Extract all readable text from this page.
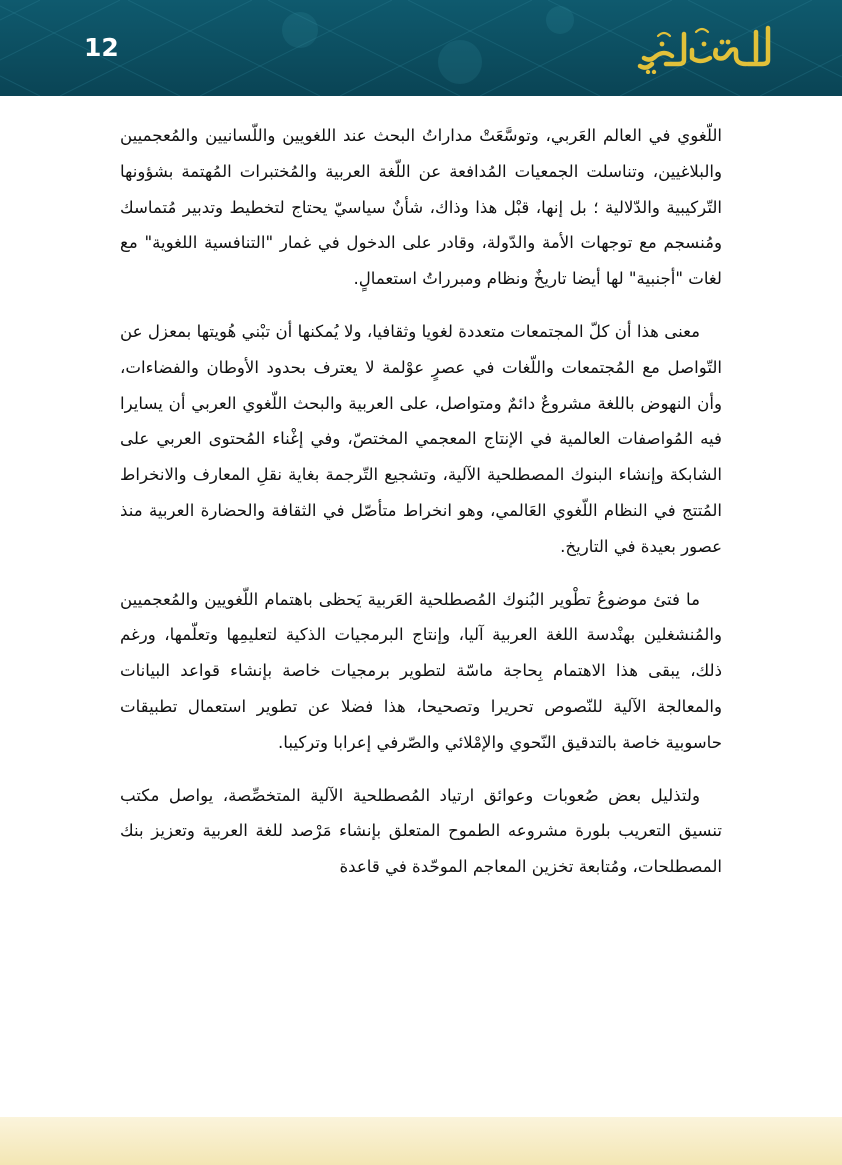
12

اللّغوي في العالم العَربي، وتوسَّعَتْ مداراتُ البحث عند اللغويين واللّسانيين والمُعجميين والبلاغيين، وتناسلت الجمعيات المُدافعة عن اللّغة العربية والمُختبرات المُهتمة بشؤونها التّركيبية والدّلالية ؛ بل إنها، قبْل هذا وذاك، شأنٌ سياسيّ يحتاج لتخطيط وتدبير مُتماسك ومُنسجم مع توجهات الأمة والدّولة، وقادر على الدخول في غمار "التنافسية اللغوية" مع لغات "أجنبية" لها أيضا تاريخٌ ونظام ومبرراتُ استعمالٍ.

معنى هذا أن كلّ المجتمعات متعددة لغويا وثقافيا، ولا يُمكنها أن تبْني هُويتها بمعزل عن التّواصل مع المُجتمعات واللّغات في عصرٍ عوْلمة لا يعترف بحدود الأوطان والفضاءات، وأن النهوض باللغة مشروعٌ دائمٌ ومتواصل، على العربية والبحث اللّغوي العربي أن يسايرا فيه المُواصفات العالمية في الإنتاج المعجمي المختصّ، وفي إغْناء المُحتوى العربي على الشابكة وإنشاء البنوك المصطلحية الآلية، وتشجيع التّرجمة بغاية نقلِ المعارف والانخراط المُتتج في النظام اللّغوي العَالمي، وهو انخراط متأصّل في الثقافة والحضارة العربية منذ عصور بعيدة في التاريخ.

ما فتئ موضوعُ تطْوير البُنوك المُصطلحية العَربية يَحظى باهتمام اللّغويين والمُعجميين والمُنشغلين بهنْدسة اللغة العربية آليا، وإنتاج البرمجيات الذكية لتعليمِها وتعلّمها، ورغم ذلك، يبقى هذا الاهتمام بِحاجة ماسّة لتطوير برمجيات خاصة بإنشاء قواعد البيانات والمعالجة الآلية للنّصوص تحريرا وتصحيحا، هذا فضلا عن تطوير استعمال تطبيقات حاسوبية خاصة بالتدقيق النّحوي والإمْلائي والصّرفي إعرابا وتركيبا.

ولتذليل بعض صُعوبات وعوائق ارتياد المُصطلحية الآلية المتخصِّصة، يواصل مكتب تنسيق التعريب بلورة مشروعه الطموح المتعلق بإنشاء مَرْصد للغة العربية وتعزيز بنك المصطلحات، ومُتابعة تخزين المعاجم الموحّدة في قاعدة
